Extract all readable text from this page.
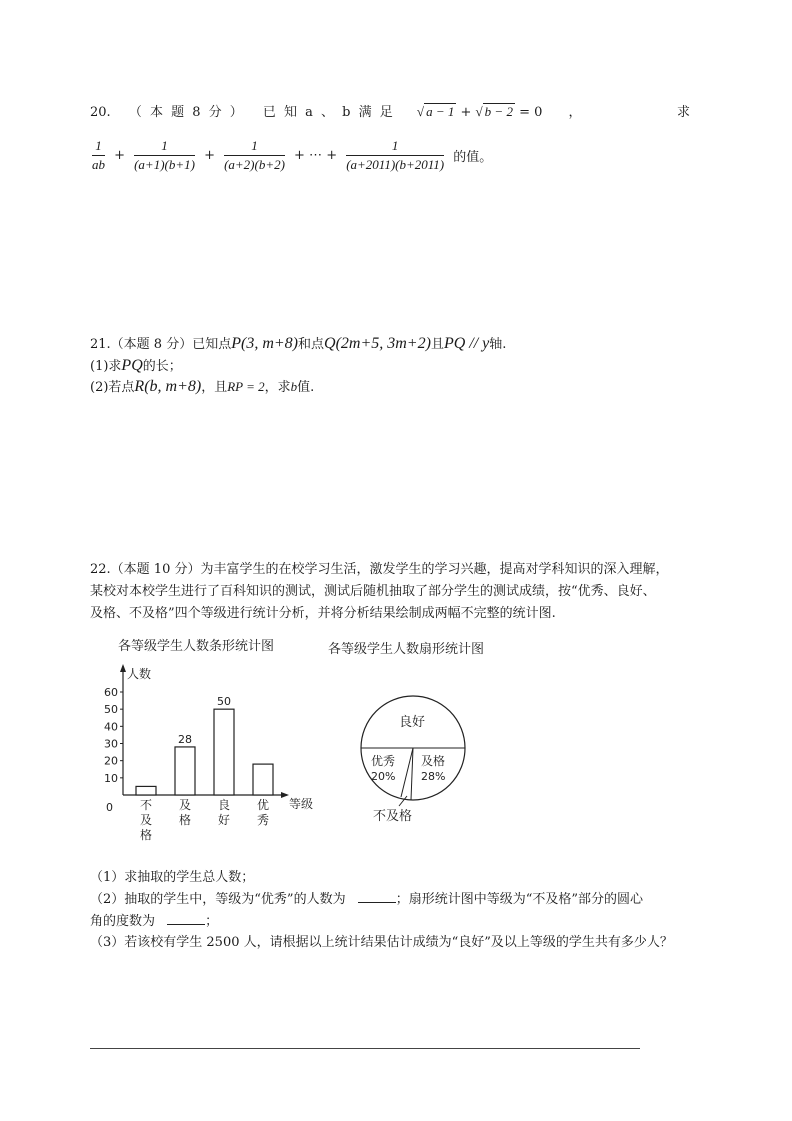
20. （ 本 题 8 分 ） 已 知 a 、 b 满 足 √ a − 1 + √ b − 2 = 0 ，	求
$\frac{1}{ab} + \frac{1}{(a+1)(b+1)} + \frac{1}{(a+2)(b+2)}$ + ⋯ + $\frac{1}{(a+2011)(b+2011)}$ 的值。
21.（本题 8 分）已知点P(3, m+8)和点Q(2m+5, 3m+2)且PQ // y轴.
(1)求PQ的长；
(2)若点R(b, m+8)，且RP = 2，求b值.
22.（本题 10 分）为丰富学生的在校学习生活，激发学生的学习兴趣，提高对学科知识的深入理解，
某校对本校学生进行了百科知识的测试，测试后随机抽取了部分学生的测试成绩，按“优秀、良好、
及格、不及格”四个等级进行统计分析，并将分析结果绘制成两幅不完整的统计图.
各等级学生人数条形统计图
人数
等级
0
10
20
30
40
50
60
不
及
格
28
及
格
50
良
好
优
秀
各等级学生人数扇形统计图
良好
优秀
20%
及格
28%
不及格
（1）求抽取的学生总人数；
（2）抽取的学生中，等级为“优秀”的人数为	；扇形统计图中等级为“不及格”部分的圆心
角的度数为	；
（3）若该校有学生 2500 人，请根据以上统计结果估计成绩为“良好”及以上等级的学生共有多少人？
